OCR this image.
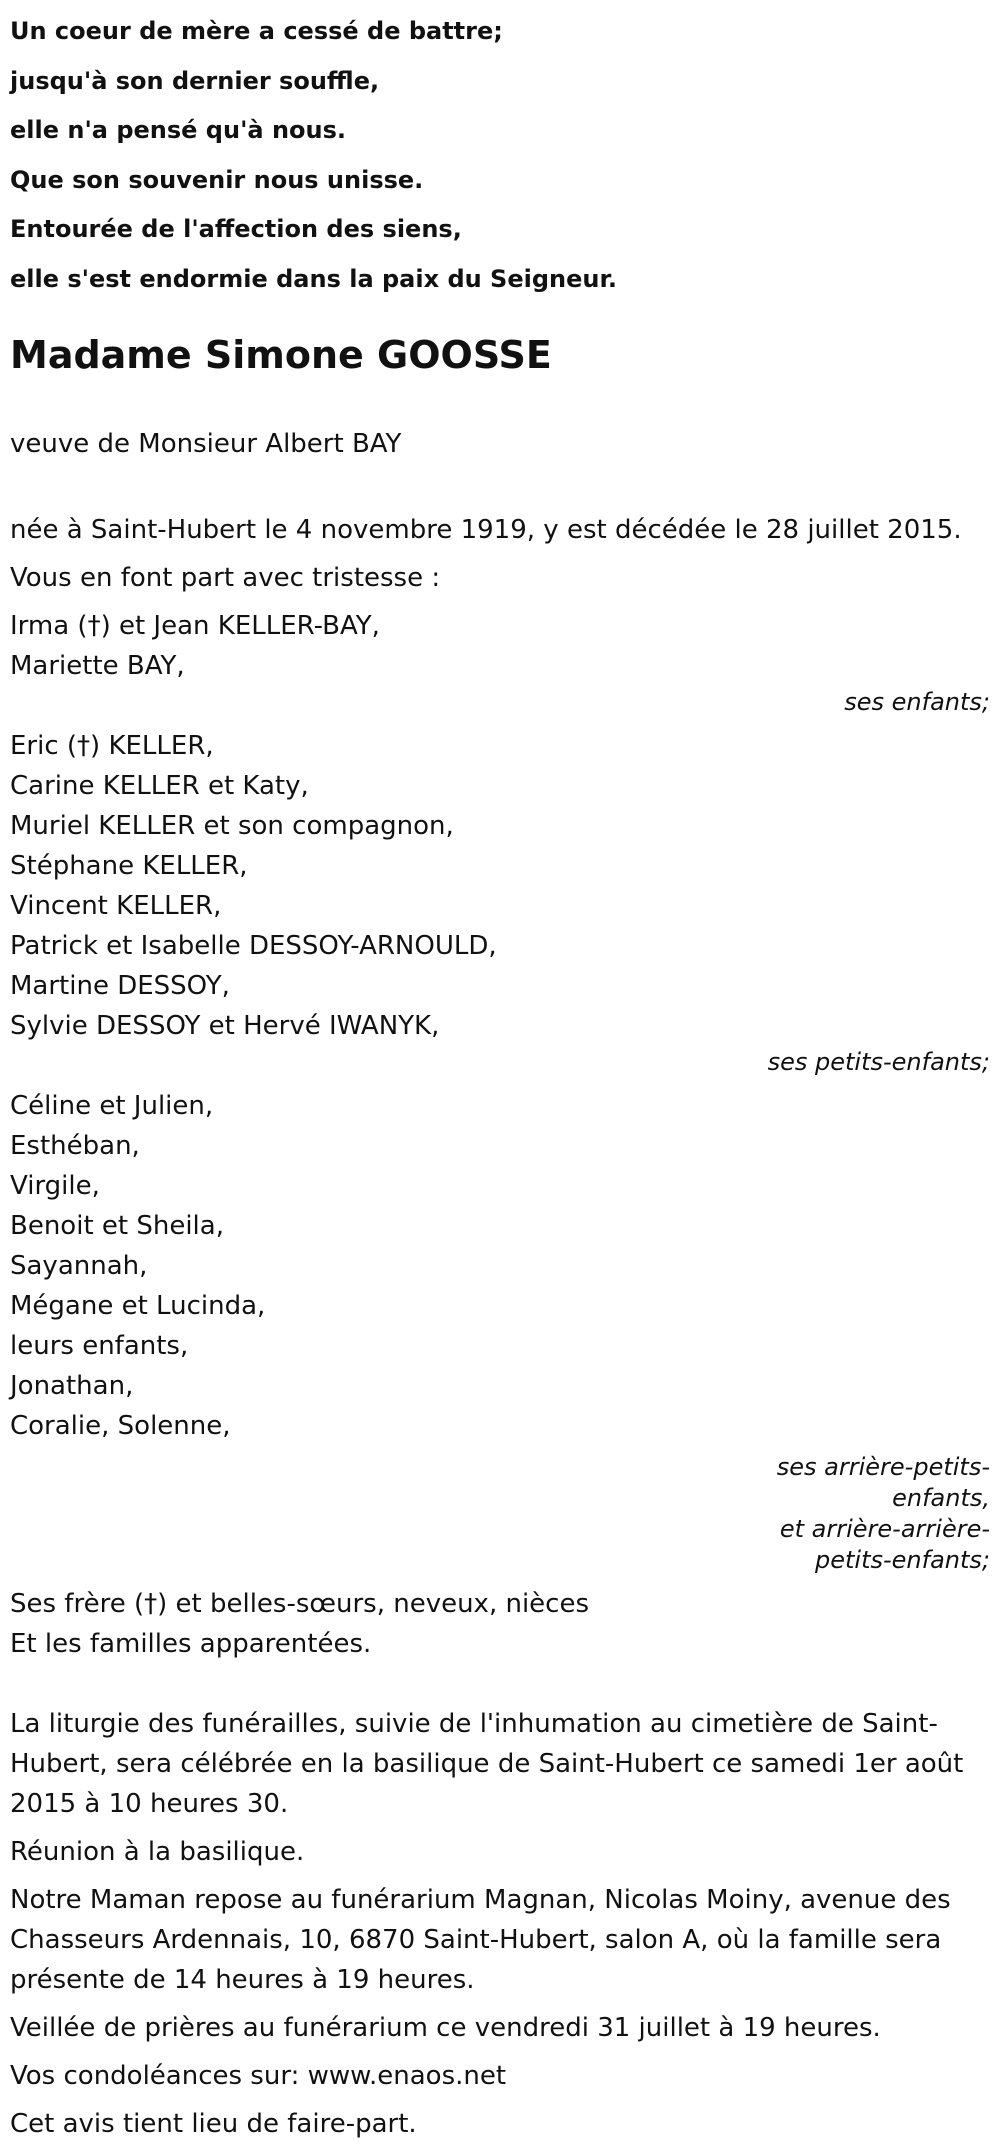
Un coeur de mère a cessé de battre;
jusqu'à son dernier souffle,
elle n'a pensé qu'à nous.
Que son souvenir nous unisse.
Entourée de l'affection des siens,
elle s'est endormie dans la paix du Seigneur.
Madame Simone GOOSSE
veuve de Monsieur Albert BAY
née à Saint-Hubert le 4 novembre 1919, y est décédée le 28 juillet 2015.
Vous en font part avec tristesse :
Irma (†) et Jean KELLER-BAY,
Mariette BAY,
ses enfants;
Eric (†) KELLER,
Carine KELLER et Katy,
Muriel KELLER et son compagnon,
Stéphane KELLER,
Vincent KELLER,
Patrick et Isabelle DESSOY-ARNOULD,
Martine DESSOY,
Sylvie DESSOY et Hervé IWANYK,
ses petits-enfants;
Céline et Julien,
Esthéban,
Virgile,
Benoit et Sheila,
Sayannah,
Mégane et Lucinda,
leurs enfants,
Jonathan,
Coralie, Solenne,
ses arrière-petits-enfants,
et arrière-arrière-petits-enfants;
Ses frère (†) et belles-sœurs, neveux, nièces
Et les familles apparentées.
La liturgie des funérailles, suivie de l'inhumation au cimetière de Saint-Hubert, sera célébrée en la basilique de Saint-Hubert ce samedi 1er août 2015 à 10 heures 30.
Réunion à la basilique.
Notre Maman repose au funérarium Magnan, Nicolas Moiny, avenue des Chasseurs Ardennais, 10, 6870 Saint-Hubert, salon A, où la famille sera présente de 14 heures à 19 heures.
Veillée de prières au funérarium ce vendredi 31 juillet à 19 heures.
Vos condoléances sur: www.enaos.net
Cet avis tient lieu de faire-part.
